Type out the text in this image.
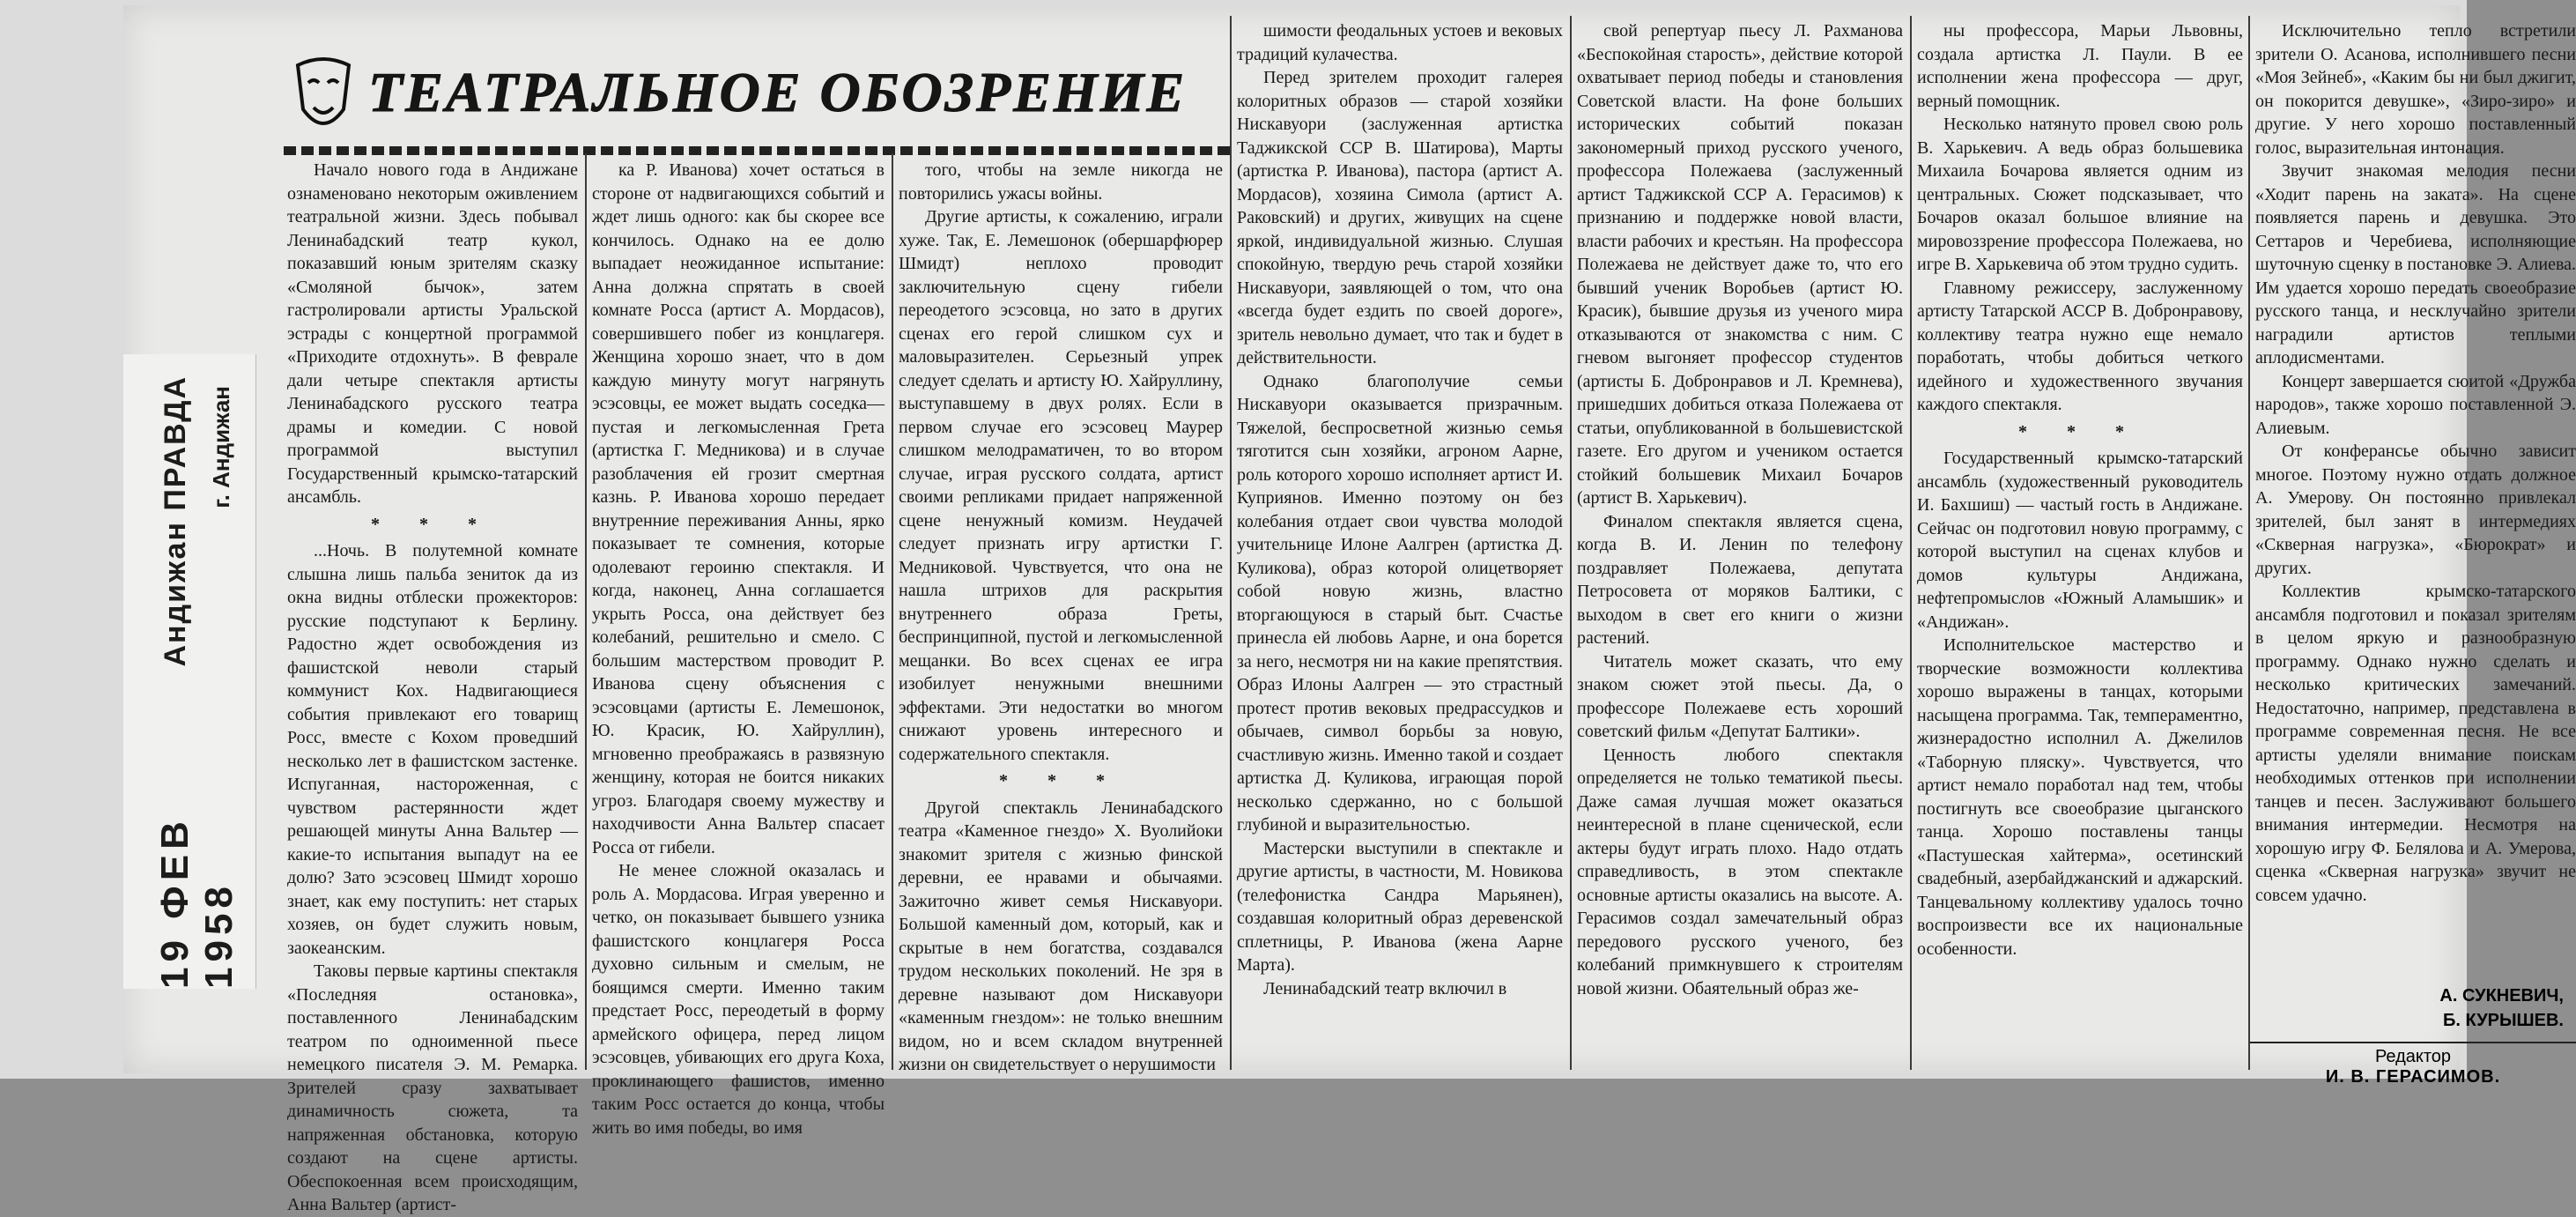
Андижан ПРАВДА г. Андижан
19 ФЕВ 1958
ТЕАТРАЛЬНОЕ ОБОЗРЕНИЕ

Начало нового года в Андижане ознаменовано некоторым оживлением театральной жизни. Здесь побывал Ленинабадский театр кукол, показавший юным зрителям сказку «Смоляной бычок», затем гастролировали артисты Уральской эстрады с концертной программой «Приходите отдохнуть». В феврале дали четыре спектакля артисты Ленинабадского русского театра драмы и комедии. С новой программой выступил Государственный крымско-татарский ансамбль.

* * *

...Ночь. В полутемной комнате слышна лишь пальба зениток да из окна видны отблески прожекторов: русские подступают к Берлину. Радостно ждет освобождения из фашистской неволи старый коммунист Кох. Надвигающиеся события привлекают его товарищ Росс, вместе с Кохом проведший несколько лет в фашистском застенке. Испуганная, настороженная, с чувством растерянности ждет решающей минуты Анна Вальтер — какие-то испытания выпадут на ее долю? Зато эсэсовец Шмидт хорошо знает, как ему поступить: нет старых хозяев, он будет служить новым, заокеанским.

Таковы первые картины спектакля «Последняя остановка», поставленного Ленинабадским театром по одноименной пьесе немецкого писателя Э. М. Ремарка. Зрителей сразу захватывает динамичность сюжета, та напряженная обстановка, которую создают на сцене артисты. Обеспокоенная всем происходящим, Анна Вальтер (артист-

ка Р. Иванова) хочет остаться в стороне от надвигающихся событий и ждет лишь одного: как бы скорее все кончилось. Однако на ее долю выпадает неожиданное испытание: Анна должна спрятать в своей комнате Росса (артист А. Мордасов), совершившего побег из концлагеря. Женщина хорошо знает, что в дом каждую минуту могут нагрянуть эсэсовцы, ее может выдать соседка—пустая и легкомысленная Грета (артистка Г. Медникова) и в случае разоблачения ей грозит смертная казнь. Р. Иванова хорошо передает внутренние переживания Анны, ярко показывает те сомнения, которые одолевают героиню спектакля. И когда, наконец, Анна соглашается укрыть Росса, она действует без колебаний, решительно и смело. С большим мастерством проводит Р. Иванова сцену объяснения с эсэсовцами (артисты Е. Лемешонок, Ю. Красик, Ю. Хайруллин), мгновенно преображаясь в развязную женщину, которая не боится никаких угроз. Благодаря своему мужеству и находчивости Анна Вальтер спасает Росса от гибели.

Не менее сложной оказалась и роль А. Мордасова. Играя уверенно и четко, он показывает бывшего узника фашистского концлагеря Росса духовно сильным и смелым, не боящимся смерти. Именно таким предстает Росс, переодетый в форму армейского офицера, перед лицом эсэсовцев, убивающих его друга Коха, проклинающего фашистов, именно таким Росс остается до конца, чтобы жить во имя победы, во имя

того, чтобы на земле никогда не повторились ужасы войны.

Другие артисты, к сожалению, играли хуже. Так, Е. Лемешонок (обершарфюрер Шмидт) неплохо проводит заключительную сцену гибели переодетого эсэсовца, но зато в других сценах его герой слишком сух и маловыразителен. Серьезный упрек следует сделать и артисту Ю. Хайруллину, выступавшему в двух ролях. Если в первом случае его эсэсовец Маурер слишком мелодраматичен, то во втором случае, играя русского солдата, артист своими репликами придает напряженной сцене ненужный комизм. Неудачей следует признать игру артистки Г. Медниковой. Чувствуется, что она не нашла штрихов для раскрытия внутреннего образа Греты, беспринципной, пустой и легкомысленной мещанки. Во всех сценах ее игра изобилует ненужными внешними эффектами. Эти недостатки во многом снижают уровень интересного и содержательного спектакля.

* * *

Другой спектакль Ленинабадского театра «Каменное гнездо» Х. Вуолийоки знакомит зрителя с жизнью финской деревни, ее нравами и обычаями. Зажиточно живет семья Нискавуори. Большой каменный дом, который, как и скрытые в нем богатства, создавался трудом нескольких поколений. Не зря в деревне называют дом Нискавуори «каменным гнездом»: не только внешним видом, но и всем складом внутренней жизни он свидетельствует о нерушимости

шимости феодальных устоев и вековых традиций кулачества.

Перед зрителем проходит галерея колоритных образов — старой хозяйки Нискавуори (заслуженная артистка Таджикской ССР В. Шатирова), Марты (артистка Р. Иванова), пастора (артист А. Мордасов), хозяина Симола (артист А. Раковский) и других, живущих на сцене яркой, индивидуальной жизнью. Слушая спокойную, твердую речь старой хозяйки Нискавуори, заявляющей о том, что она «всегда будет ездить по своей дороге», зритель невольно думает, что так и будет в действительности.

Однако благополучие семьи Нискавуори оказывается призрачным. Тяжелой, беспросветной жизнью семья тяготится сын хозяйки, агроном Аарне, роль которого хорошо исполняет артист И. Куприянов. Именно поэтому он без колебания отдает свои чувства молодой учительнице Илоне Аалгрен (артистка Д. Куликова), образ которой олицетворяет собой новую жизнь, властно вторгающуюся в старый быт. Счастье принесла ей любовь Аарне, и она борется за него, несмотря ни на какие препятствия. Образ Илоны Аалгрен — это страстный протест против вековых предрассудков и обычаев, символ борьбы за новую, счастливую жизнь. Именно такой и создает артистка Д. Куликова, играющая порой несколько сдержанно, но с большой глубиной и выразительностью.

Мастерски выступили в спектакле и другие артисты, в частности, М. Новикова (телефонистка Сандра Марьянен), создавшая колоритный образ деревенской сплетницы, Р. Иванова (жена Аарне Марта).

Ленинабадский театр включил в

свой репертуар пьесу Л. Рахманова «Беспокойная старость», действие которой охватывает период победы и становления Советской власти. На фоне больших исторических событий показан закономерный приход русского ученого, профессора Полежаева (заслуженный артист Таджикской ССР А. Герасимов) к признанию и поддержке новой власти, власти рабочих и крестьян. На профессора Полежаева не действует даже то, что его бывший ученик Воробьев (артист Ю. Красик), бывшие друзья из ученого мира отказываются от знакомства с ним. С гневом выгоняет профессор студентов (артисты Б. Добронравов и Л. Кремнева), пришедших добиться отказа Полежаева от статьи, опубликованной в большевистской газете. Его другом и учеником остается стойкий большевик Михаил Бочаров (артист В. Харькевич).

Финалом спектакля является сцена, когда В. И. Ленин по телефону поздравляет Полежаева, депутата Петросовета от моряков Балтики, с выходом в свет его книги о жизни растений.

Читатель может сказать, что ему знаком сюжет этой пьесы. Да, о профессоре Полежаеве есть хороший советский фильм «Депутат Балтики».

Ценность любого спектакля определяется не только тематикой пьесы. Даже самая лучшая может оказаться неинтересной в плане сценической, если актеры будут играть плохо. Надо отдать справедливость, в этом спектакле основные артисты оказались на высоте. А. Герасимов создал замечательный образ передового русского ученого, без колебаний примкнувшего к строителям новой жизни. Обаятельный образ же-

ны профессора, Марьи Львовны, создала артистка Л. Паули. В ее исполнении жена профессора — друг, верный помощник.

Несколько натянуто провел свою роль В. Харькевич. А ведь образ большевика Михаила Бочарова является одним из центральных. Сюжет подсказывает, что Бочаров оказал большое влияние на мировоззрение профессора Полежаева, но игре В. Харькевича об этом трудно судить.

Главному режиссеру, заслуженному артисту Татарской АССР В. Добронравову, коллективу театра нужно еще немало поработать, чтобы добиться четкого идейного и художественного звучания каждого спектакля.

* * *

Государственный крымско-татарский ансамбль (художественный руководитель И. Бахшиш) — частый гость в Андижане. Сейчас он подготовил новую программу, с которой выступил на сценах клубов и домов культуры Андижана, нефтепромыслов «Южный Аламышик» и «Андижан».

Исполнительское мастерство и творческие возможности коллектива хорошо выражены в танцах, которыми насыщена программа. Так, темпераментно, жизнерадостно исполнил А. Джелилов «Таборную пляску». Чувствуется, что артист немало поработал над тем, чтобы постигнуть все своеобразие цыганского танца. Хорошо поставлены танцы «Пастушеская хайтерма», осетинский свадебный, азербайджанский и аджарский. Танцевальному коллективу удалось точно воспроизвести все их национальные особенности.

Исключительно тепло встретили зрители О. Асанова, исполнившего песни «Моя Зейнеб», «Каким бы ни был джигит, он покорится девушке», «Зиро-зиро» и другие. У него хорошо поставленный голос, выразительная интонация.

Звучит знакомая мелодия песни «Ходит парень на заката». На сцене появляется парень и девушка. Это Сеттаров и Черебиева, исполняющие шуточную сценку в постановке Э. Алиева. Им удается хорошо передать своеобразие русского танца, и несклучайно зрители наградили артистов теплыми аплодисментами.

Концерт завершается сюитой «Дружба народов», также хорошо поставленной Э. Алиевым.

От конферансье обычно зависит многое. Поэтому нужно отдать должное А. Умерову. Он постоянно привлекал зрителей, был занят в интермедиях «Скверная нагрузка», «Бюрократ» и других.

Коллектив крымско-татарского ансамбля подготовил и показал зрителям в целом яркую и разнообразную программу. Однако нужно сделать и несколько критических замечаний. Недостаточно, например, представлена в программе современная песня. Не все артисты уделяли внимание поискам необходимых оттенков при исполнении танцев и песен. Заслуживают большего внимания интермедии. Несмотря на хорошую игру Ф. Белялова и А. Умерова, сценка «Скверная нагрузка» звучит не совсем удачно.

А. СУКНЕВИЧ,
Б. КУРЫШЕВ.
Редактор
И. В. ГЕРАСИМОВ.
